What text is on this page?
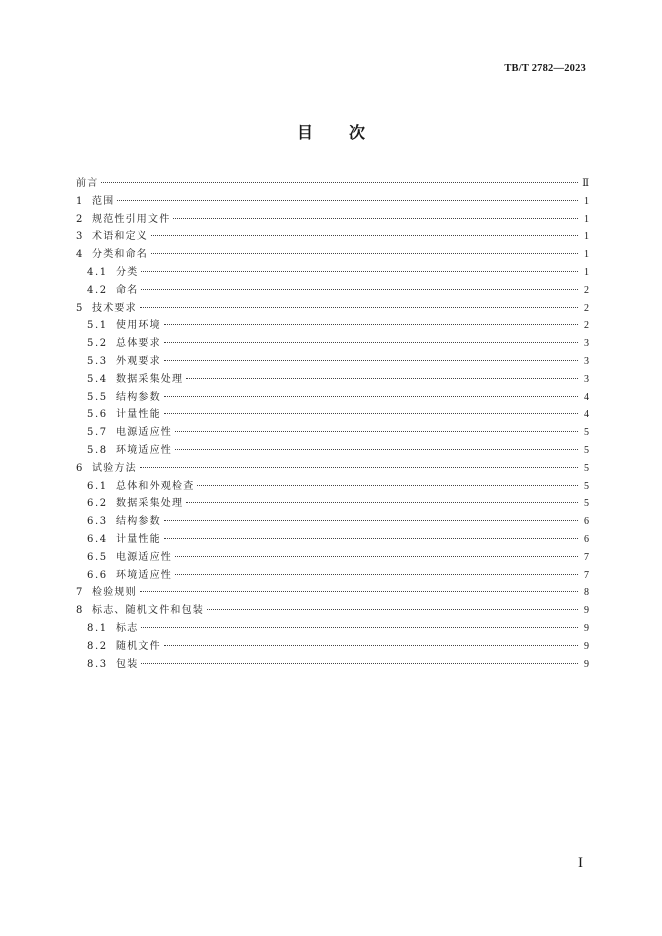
TB/T 2782—2023
目次
前言	Ⅱ
1 范围	1
2 规范性引用文件	1
3 术语和定义	1
4 分类和命名	1
4.1 分类	1
4.2 命名	2
5 技术要求	2
5.1 使用环境	2
5.2 总体要求	3
5.3 外观要求	3
5.4 数据采集处理	3
5.5 结构参数	4
5.6 计量性能	4
5.7 电源适应性	5
5.8 环境适应性	5
6 试验方法	5
6.1 总体和外观检查	5
6.2 数据采集处理	5
6.3 结构参数	6
6.4 计量性能	6
6.5 电源适应性	7
6.6 环境适应性	7
7 检验规则	8
8 标志、随机文件和包装	9
8.1 标志	9
8.2 随机文件	9
8.3 包装	9
I
